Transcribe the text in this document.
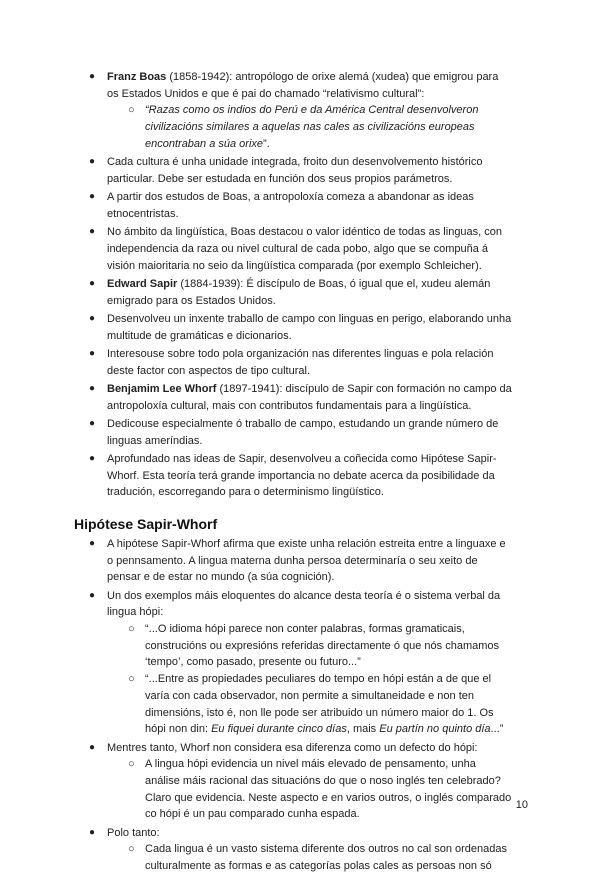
● Franz Boas (1858-1942): antropólogo de orixe alemá (xudea) que emigrou para os Estados Unidos e que é pai do chamado “relativismo cultural”:
○ “Razas como os indios do Perú e da América Central desenvolveron civilizacións similares a aquelas nas cales as civilizacións europeas encontraban a súa orixe”.
● Cada cultura é unha unidade integrada, froito dun desenvolvemento histórico particular. Debe ser estudada en función dos seus propios parámetros.
● A partir dos estudos de Boas, a antropoloxía comeza a abandonar as ideas etnocentristas.
● No ámbito da lingüística, Boas destacou o valor idéntico de todas as linguas, con independencia da raza ou nivel cultural de cada pobo, algo que se compuña á visión maioritaria no seio da lingüística comparada (por exemplo Schleicher).
● Edward Sapir (1884-1939): É discípulo de Boas, ó igual que el, xudeu alemán emigrado para os Estados Unidos.
● Desenvolveu un inxente traballo de campo con linguas en perigo, elaborando unha multitude de gramáticas e dicionarios.
● Interesouse sobre todo pola organización nas diferentes linguas e pola relación deste factor con aspectos de tipo cultural.
● Benjamim Lee Whorf (1897-1941): discípulo de Sapir con formación no campo da antropoloxía cultural, mais con contributos fundamentais para a lingüística.
● Dedicouse especialmente ó traballo de campo, estudando un grande número de linguas ameríndias.
● Aprofundado nas ideas de Sapir, desenvolveu a coñecida como Hipótese Sapir-Whorf. Esta teoría terá grande importancia no debate acerca da posibilidade da tradución, escorregando para o determinismo lingüístico.
Hipótese Sapir-Whorf
● A hipótese Sapir-Whorf afirma que existe unha relación estreita entre a linguaxe e o pennsamento. A lingua materna dunha persoa determinaría o seu xeito de pensar e de estar no mundo (a súa cognición).
● Un dos exemplos máis eloquentes do alcance desta teoría é o sistema verbal da lingua hópi:
○ “...O idioma hópi parece non conter palabras, formas gramaticais, construcións ou expresións referidas directamente ó que nós chamamos ‘tempo’, como pasado, presente ou futuro...”
○ “...Entre as propiedades peculiares do tempo en hópi están a de que el varía con cada observador, non permite a simultaneidade e non ten dimensións, isto é, non lle pode ser atribuido un número maior do 1. Os hópi non din: Eu fiquei durante cinco días, mais Eu partín no quinto día...”
● Mentres tanto, Whorf non considera esa diferenza como un defecto do hópi:
○ A lingua hópi evidencia un nivel máis elevado de pensamento, unha análise máis racional das situacións do que o noso inglés ten celebrado? Claro que evidencia. Neste aspecto e en varios outros, o inglés comparado co hópi é un pau comparado cunha espada.
● Polo tanto:
○ Cada lingua é un vasto sistema diferente dos outros no cal son ordenadas culturalmente as formas e as categorías polas cales as persoas non só
10
